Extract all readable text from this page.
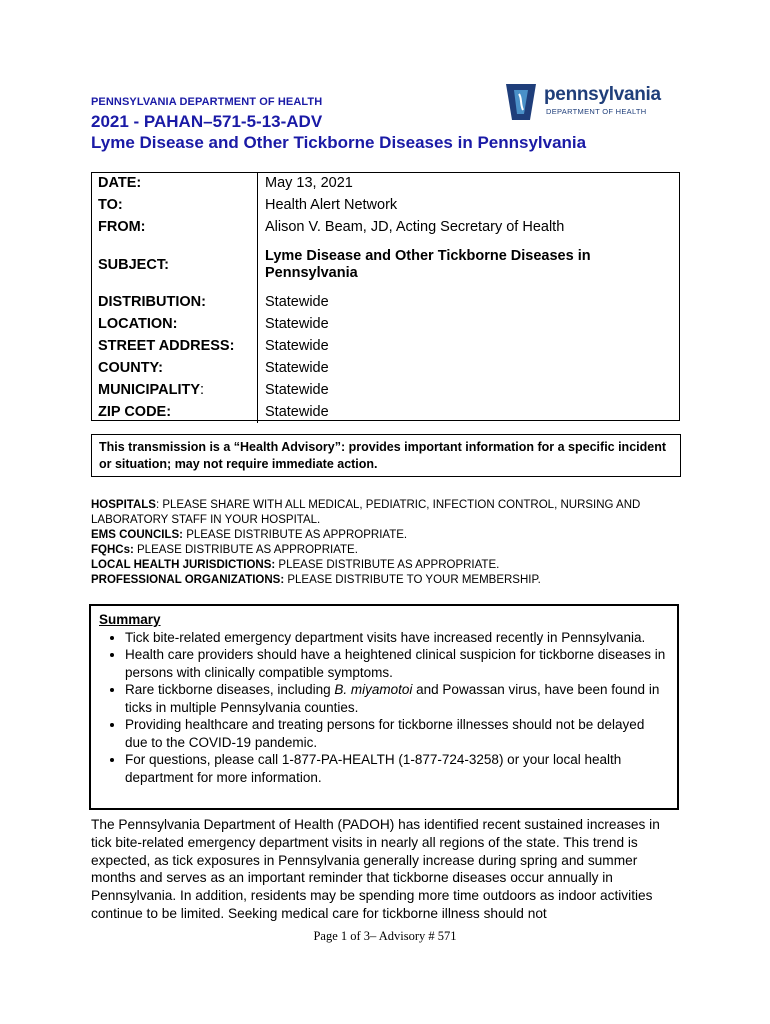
PENNSYLVANIA DEPARTMENT OF HEALTH	pennsylvania
DEPARTMENT OF HEALTH
2021 - PAHAN–571-5-13-ADV
Lyme Disease and Other Tickborne Diseases in Pennsylvania
DATE:	May 13, 2021
TO:	Health Alert Network
FROM:	Alison V. Beam, JD, Acting Secretary of Health
SUBJECT:	Lyme Disease and Other Tickborne Diseases in Pennsylvania
DISTRIBUTION:	Statewide
LOCATION:	Statewide
STREET ADDRESS:	Statewide
COUNTY:	Statewide
MUNICIPALITY:	Statewide
ZIP CODE:	Statewide
This transmission is a “Health Advisory”: provides important information for a specific incident or situation; may not require immediate action.
HOSPITALS: PLEASE SHARE WITH ALL MEDICAL, PEDIATRIC, INFECTION CONTROL, NURSING AND LABORATORY STAFF IN YOUR HOSPITAL.
EMS COUNCILS: PLEASE DISTRIBUTE AS APPROPRIATE.
FQHCs: PLEASE DISTRIBUTE AS APPROPRIATE.
LOCAL HEALTH JURISDICTIONS: PLEASE DISTRIBUTE AS APPROPRIATE.
PROFESSIONAL ORGANIZATIONS: PLEASE DISTRIBUTE TO YOUR MEMBERSHIP.
Summary
• Tick bite-related emergency department visits have increased recently in Pennsylvania.
• Health care providers should have a heightened clinical suspicion for tickborne diseases in persons with clinically compatible symptoms.
• Rare tickborne diseases, including B. miyamotoi and Powassan virus, have been found in ticks in multiple Pennsylvania counties.
• Providing healthcare and treating persons for tickborne illnesses should not be delayed due to the COVID-19 pandemic.
• For questions, please call 1-877-PA-HEALTH (1-877-724-3258) or your local health department for more information.
The Pennsylvania Department of Health (PADOH) has identified recent sustained increases in tick bite-related emergency department visits in nearly all regions of the state. This trend is expected, as tick exposures in Pennsylvania generally increase during spring and summer months and serves as an important reminder that tickborne diseases occur annually in Pennsylvania. In addition, residents may be spending more time outdoors as indoor activities continue to be limited. Seeking medical care for tickborne illness should not
Page 1 of 3– Advisory # 571
